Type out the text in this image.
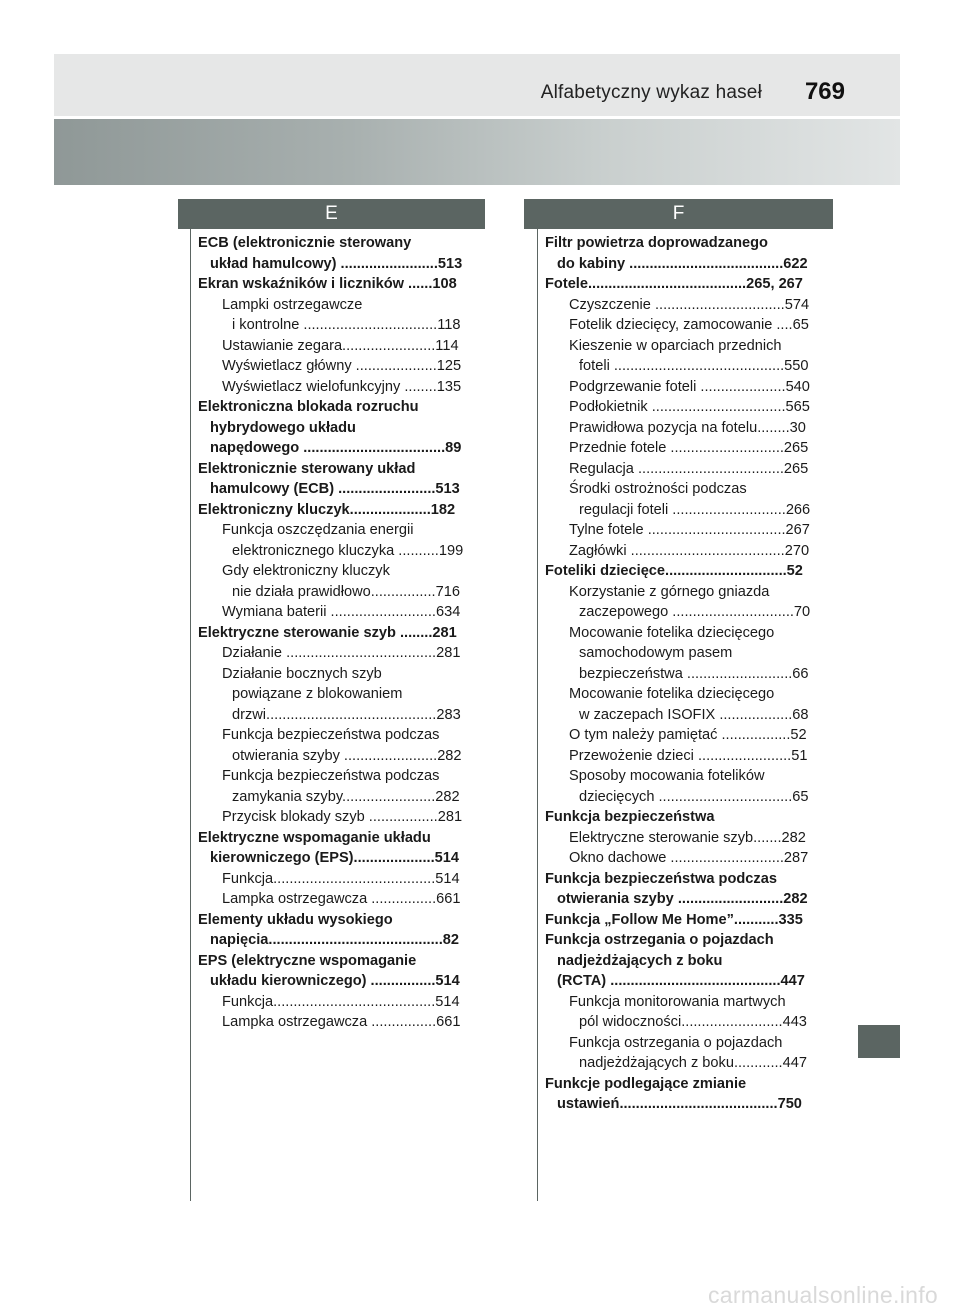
Alfabetyczny wykaz haseł 769
E	F
ECB (elektronicznie sterowany
układ hamulcowy) ........................513
Ekran wskaźników i liczników ......108
Lampki ostrzegawcze
i kontrolne .................................118
Ustawianie zegara.......................114
Wyświetlacz główny ....................125
Wyświetlacz wielofunkcyjny ........135
Elektroniczna blokada rozruchu
hybrydowego układu
napędowego ...................................89
Elektronicznie sterowany układ
hamulcowy (ECB) ........................513
Elektroniczny kluczyk....................182
Funkcja oszczędzania energii
elektronicznego kluczyka ..........199
Gdy elektroniczny kluczyk
nie działa prawidłowo................716
Wymiana baterii ..........................634
Elektryczne sterowanie szyb ........281
Działanie .....................................281
Działanie bocznych szyb
powiązane z blokowaniem
drzwi..........................................283
Funkcja bezpieczeństwa podczas
otwierania szyby .......................282
Funkcja bezpieczeństwa podczas
zamykania szyby.......................282
Przycisk blokady szyb .................281
Elektryczne wspomaganie układu
kierowniczego (EPS)....................514
Funkcja........................................514
Lampka ostrzegawcza ................661
Elementy układu wysokiego
napięcia...........................................82
EPS (elektryczne wspomaganie
układu kierowniczego) ................514
Funkcja........................................514
Lampka ostrzegawcza ................661
Filtr powietrza doprowadzanego
do kabiny ......................................622
Fotele.......................................265, 267
Czyszczenie ................................574
Fotelik dziecięcy, zamocowanie ....65
Kieszenie w oparciach przednich
foteli ..........................................550
Podgrzewanie foteli .....................540
Podłokietnik .................................565
Prawidłowa pozycja na fotelu........30
Przednie fotele ............................265
Regulacja ....................................265
Środki ostrożności podczas
regulacji foteli ............................266
Tylne fotele ..................................267
Zagłówki ......................................270
Foteliki dziecięce..............................52
Korzystanie z górnego gniazda
zaczepowego ..............................70
Mocowanie fotelika dziecięcego
samochodowym pasem
bezpieczeństwa ..........................66
Mocowanie fotelika dziecięcego
w zaczepach ISOFIX ..................68
O tym należy pamiętać .................52
Przewożenie dzieci .......................51
Sposoby mocowania fotelików
dziecięcych .................................65
Funkcja bezpieczeństwa
Elektryczne sterowanie szyb.......282
Okno dachowe ............................287
Funkcja bezpieczeństwa podczas
otwierania szyby ..........................282
Funkcja „Follow Me Home”...........335
Funkcja ostrzegania o pojazdach
nadjeżdżających z boku
(RCTA) ..........................................447
Funkcja monitorowania martwych
pól widoczności.........................443
Funkcja ostrzegania o pojazdach
nadjeżdżających z boku............447
Funkcje podlegające zmianie
ustawień.......................................750
carmanualsonline.info
